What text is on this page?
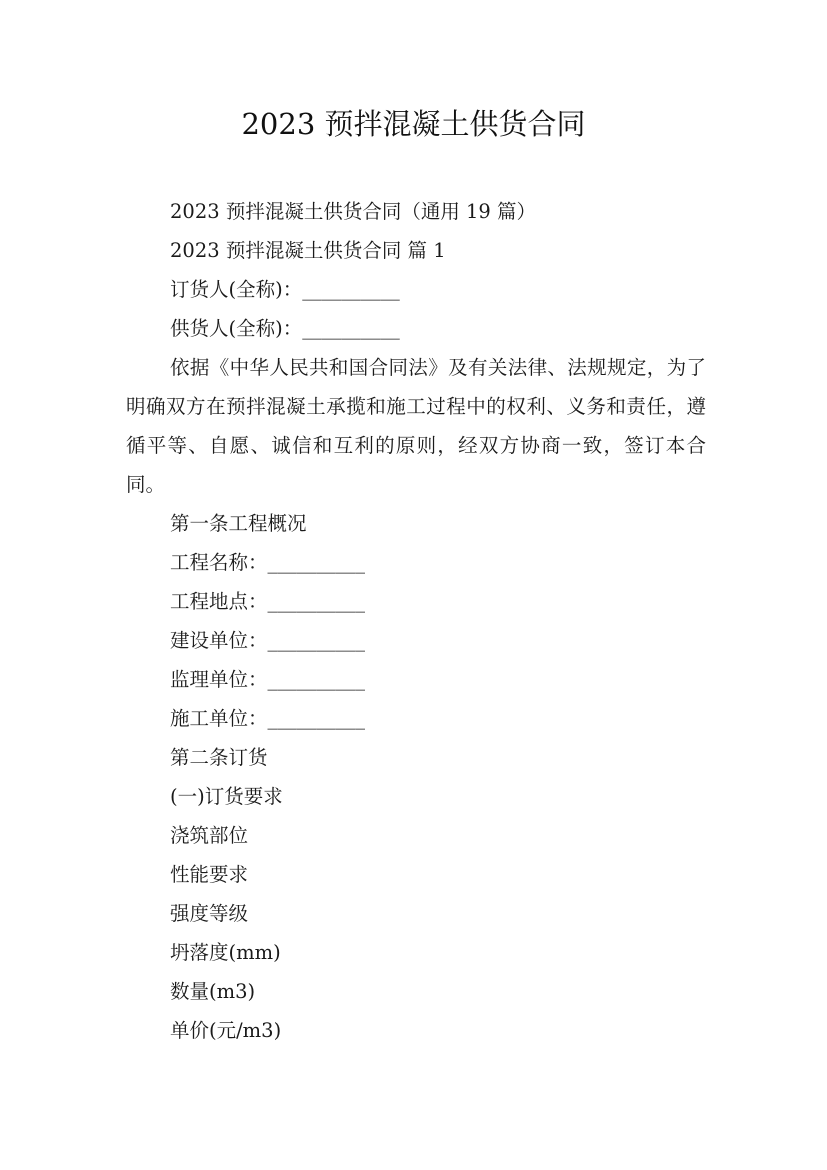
2023 预拌混凝土供货合同

2023 预拌混凝土供货合同（通用 19 篇）

2023 预拌混凝土供货合同 篇 1

订货人(全称)：__________

供货人(全称)：__________

依据《中华人民共和国合同法》及有关法律、法规规定，为了明确双方在预拌混凝土承揽和施工过程中的权利、义务和责任，遵循平等、自愿、诚信和互利的原则，经双方协商一致，签订本合同。

第一条工程概况

工程名称：__________

工程地点：__________

建设单位：__________

监理单位：__________

施工单位：__________

第二条订货

(一)订货要求

浇筑部位

性能要求

强度等级

坍落度(mm)

数量(m3)

单价(元/m3)
